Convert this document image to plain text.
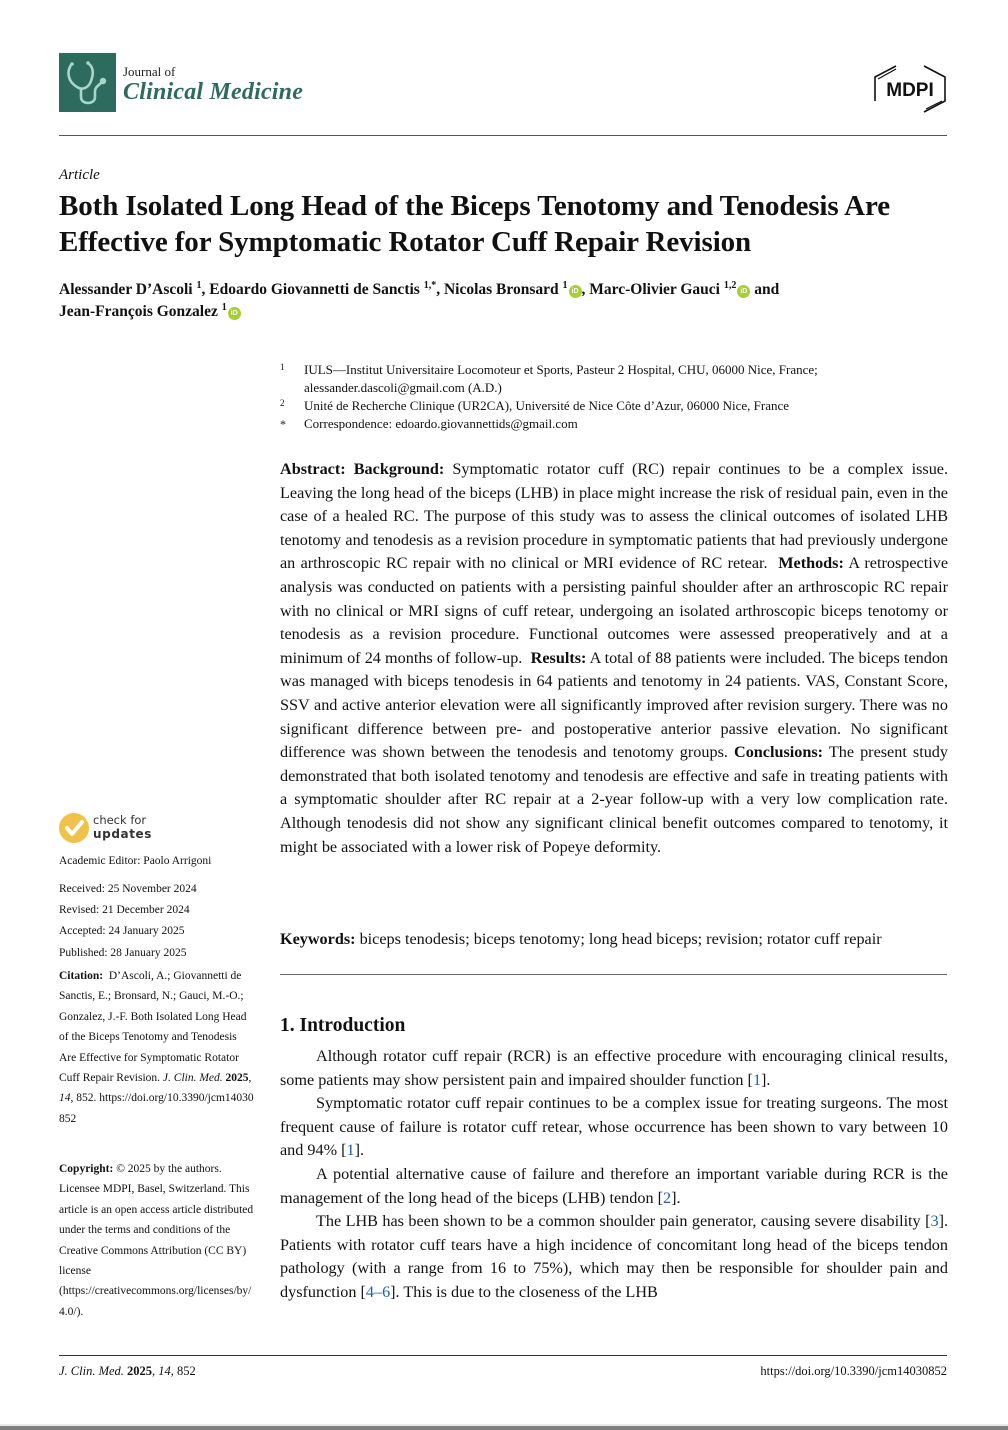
Journal of
Clinical Medicine	MDPI
Article
Both Isolated Long Head of the Biceps Tenotomy and Tenodesis Are Effective for Symptomatic Rotator Cuff Repair Revision
Alessander D’Ascoli $^1$, Edoardo Giovannetti de Sanctis $^{1,*}$, Nicolas Bronsard $^1$iD , Marc-Olivier Gauci $^{1,2}$iD and
Jean-François Gonzalez $^1$iD
1 IULS—Institut Universitaire Locomoteur et Sports, Pasteur 2 Hospital, CHU, 06000 Nice, France;
alessander.dascoli@gmail.com (A.D.)
2 Unité de Recherche Clinique (UR2CA), Université de Nice Côte d’Azur, 06000 Nice, France
* Correspondence: edoardo.giovannettids@gmail.com
Abstract: Background: Symptomatic rotator cuff (RC) repair continues to be a complex issue. Leaving the long head of the biceps (LHB) in place might increase the risk of residual pain, even in the case of a healed RC. The purpose of this study was to assess the clinical outcomes of isolated LHB tenotomy and tenodesis as a revision procedure in symptomatic patients that had previously undergone an arthroscopic RC repair with no clinical or MRI evidence of RC retear. Methods: A retrospective analysis was conducted on patients with a persisting painful shoulder after an arthroscopic RC repair with no clinical or MRI signs of cuff retear, undergoing an isolated arthroscopic biceps tenotomy or tenodesis as a revision procedure. Functional outcomes were assessed preoperatively and at a minimum of 24 months of follow-up. Results: A total of 88 patients were included. The biceps tendon was managed with biceps tenodesis in 64 patients and tenotomy in 24 patients. VAS, Constant Score, SSV and active anterior elevation were all significantly improved after revision surgery. There was no significant difference between pre- and postoperative anterior passive elevation. No significant difference was shown between the tenodesis and tenotomy groups. Conclusions: The present study demonstrated that both isolated tenotomy and tenodesis are effective and safe in treating patients with a symptomatic shoulder after RC repair at a 2-year follow-up with a very low complication rate. Although tenodesis did not show any significant clinical benefit outcomes compared to tenotomy, it might be associated with a lower risk of Popeye deformity.
Keywords: biceps tenodesis; biceps tenotomy; long head biceps; revision; rotator cuff repair
1. Introduction

Although rotator cuff repair (RCR) is an effective procedure with encouraging clinical results, some patients may show persistent pain and impaired shoulder function [1].

Symptomatic rotator cuff repair continues to be a complex issue for treating surgeons. The most frequent cause of failure is rotator cuff retear, whose occurrence has been shown to vary between 10 and 94% [1].

A potential alternative cause of failure and therefore an important variable during RCR is the management of the long head of the biceps (LHB) tendon [2].

The LHB has been shown to be a common shoulder pain generator, causing severe disability [3]. Patients with rotator cuff tears have a high incidence of concomitant long head of the biceps tendon pathology (with a range from 16 to 75%), which may then be responsible for shoulder pain and dysfunction [4–6]. This is due to the closeness of the LHB

check for
updates
Academic Editor: Paolo Arrigoni
Received: 25 November 2024
Revised: 21 December 2024
Accepted: 24 January 2025
Published: 28 January 2025
Citation: D’Ascoli, A.; Giovannetti de Sanctis, E.; Bronsard, N.; Gauci, M.-O.; Gonzalez, J.-F. Both Isolated Long Head of the Biceps Tenotomy and Tenodesis Are Effective for Symptomatic Rotator Cuff Repair Revision. J. Clin. Med. 2025, 14, 852. https://doi.org/10.3390/jcm14030852
Copyright: © 2025 by the authors. Licensee MDPI, Basel, Switzerland. This article is an open access article distributed under the terms and conditions of the Creative Commons Attribution (CC BY) license (https://creativecommons.org/licenses/by/4.0/).
J. Clin. Med. 2025, 14, 852	https://doi.org/10.3390/jcm14030852
